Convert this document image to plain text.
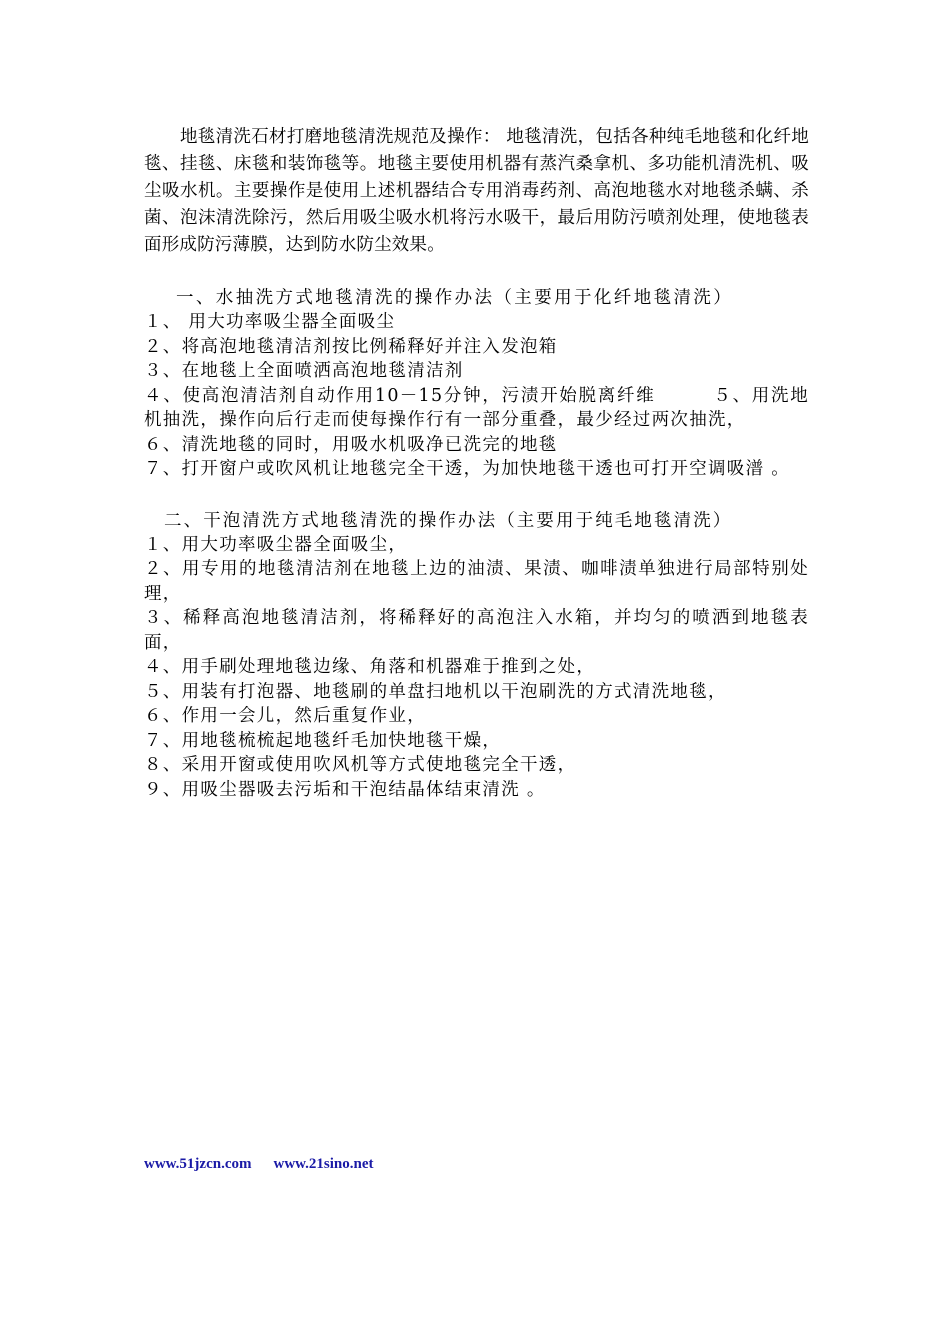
地毯清洗石材打磨地毯清洗规范及操作： 地毯清洗，包括各种纯毛地毯和化纤地毯、挂毯、床毯和装饰毯等。地毯主要使用机器有蒸汽桑拿机、多功能机清洗机、吸尘吸水机。主要操作是使用上述机器结合专用消毒药剂、高泡地毯水对地毯杀螨、杀菌、泡沫清洗除污，然后用吸尘吸水机将污水吸干，最后用防污喷剂处理，使地毯表面形成防污薄膜，达到防水防尘效果。

一、水抽洗方式地毯清洗的操作办法（主要用于化纤地毯清洗）

１、 用大功率吸尘器全面吸尘
２、将高泡地毯清洁剂按比例稀释好并注入发泡箱
３、在地毯上全面喷洒高泡地毯清洁剂
４、使高泡清洁剂自动作用10－15分钟，污渍开始脱离纤维　　　５、用洗地机抽洗，操作向后行走而使每操作行有一部分重叠，最少经过两次抽洗，
６、清洗地毯的同时，用吸水机吸净已洗完的地毯
７、打开窗户或吹风机让地毯完全干透，为加快地毯干透也可打开空调吸潽 。

二、干泡清洗方式地毯清洗的操作办法（主要用于纯毛地毯清洗）

１、用大功率吸尘器全面吸尘，
２、用专用的地毯清洁剂在地毯上边的油渍、果渍、咖啡渍单独进行局部特别处理，
３、稀释高泡地毯清洁剂，将稀释好的高泡注入水箱，并均匀的喷洒到地毯表面，
４、用手刷处理地毯边缘、角落和机器难于推到之处，
５、用装有打泡器、地毯刷的单盘扫地机以干泡刷洗的方式清洗地毯，
６、作用一会儿，然后重复作业，
７、用地毯梳梳起地毯纤毛加快地毯干燥，
８、采用开窗或使用吹风机等方式使地毯完全干透，
９、用吸尘器吸去污垢和干泡结晶体结束清洗 。
www.51jzcn.com www.21sino.net
